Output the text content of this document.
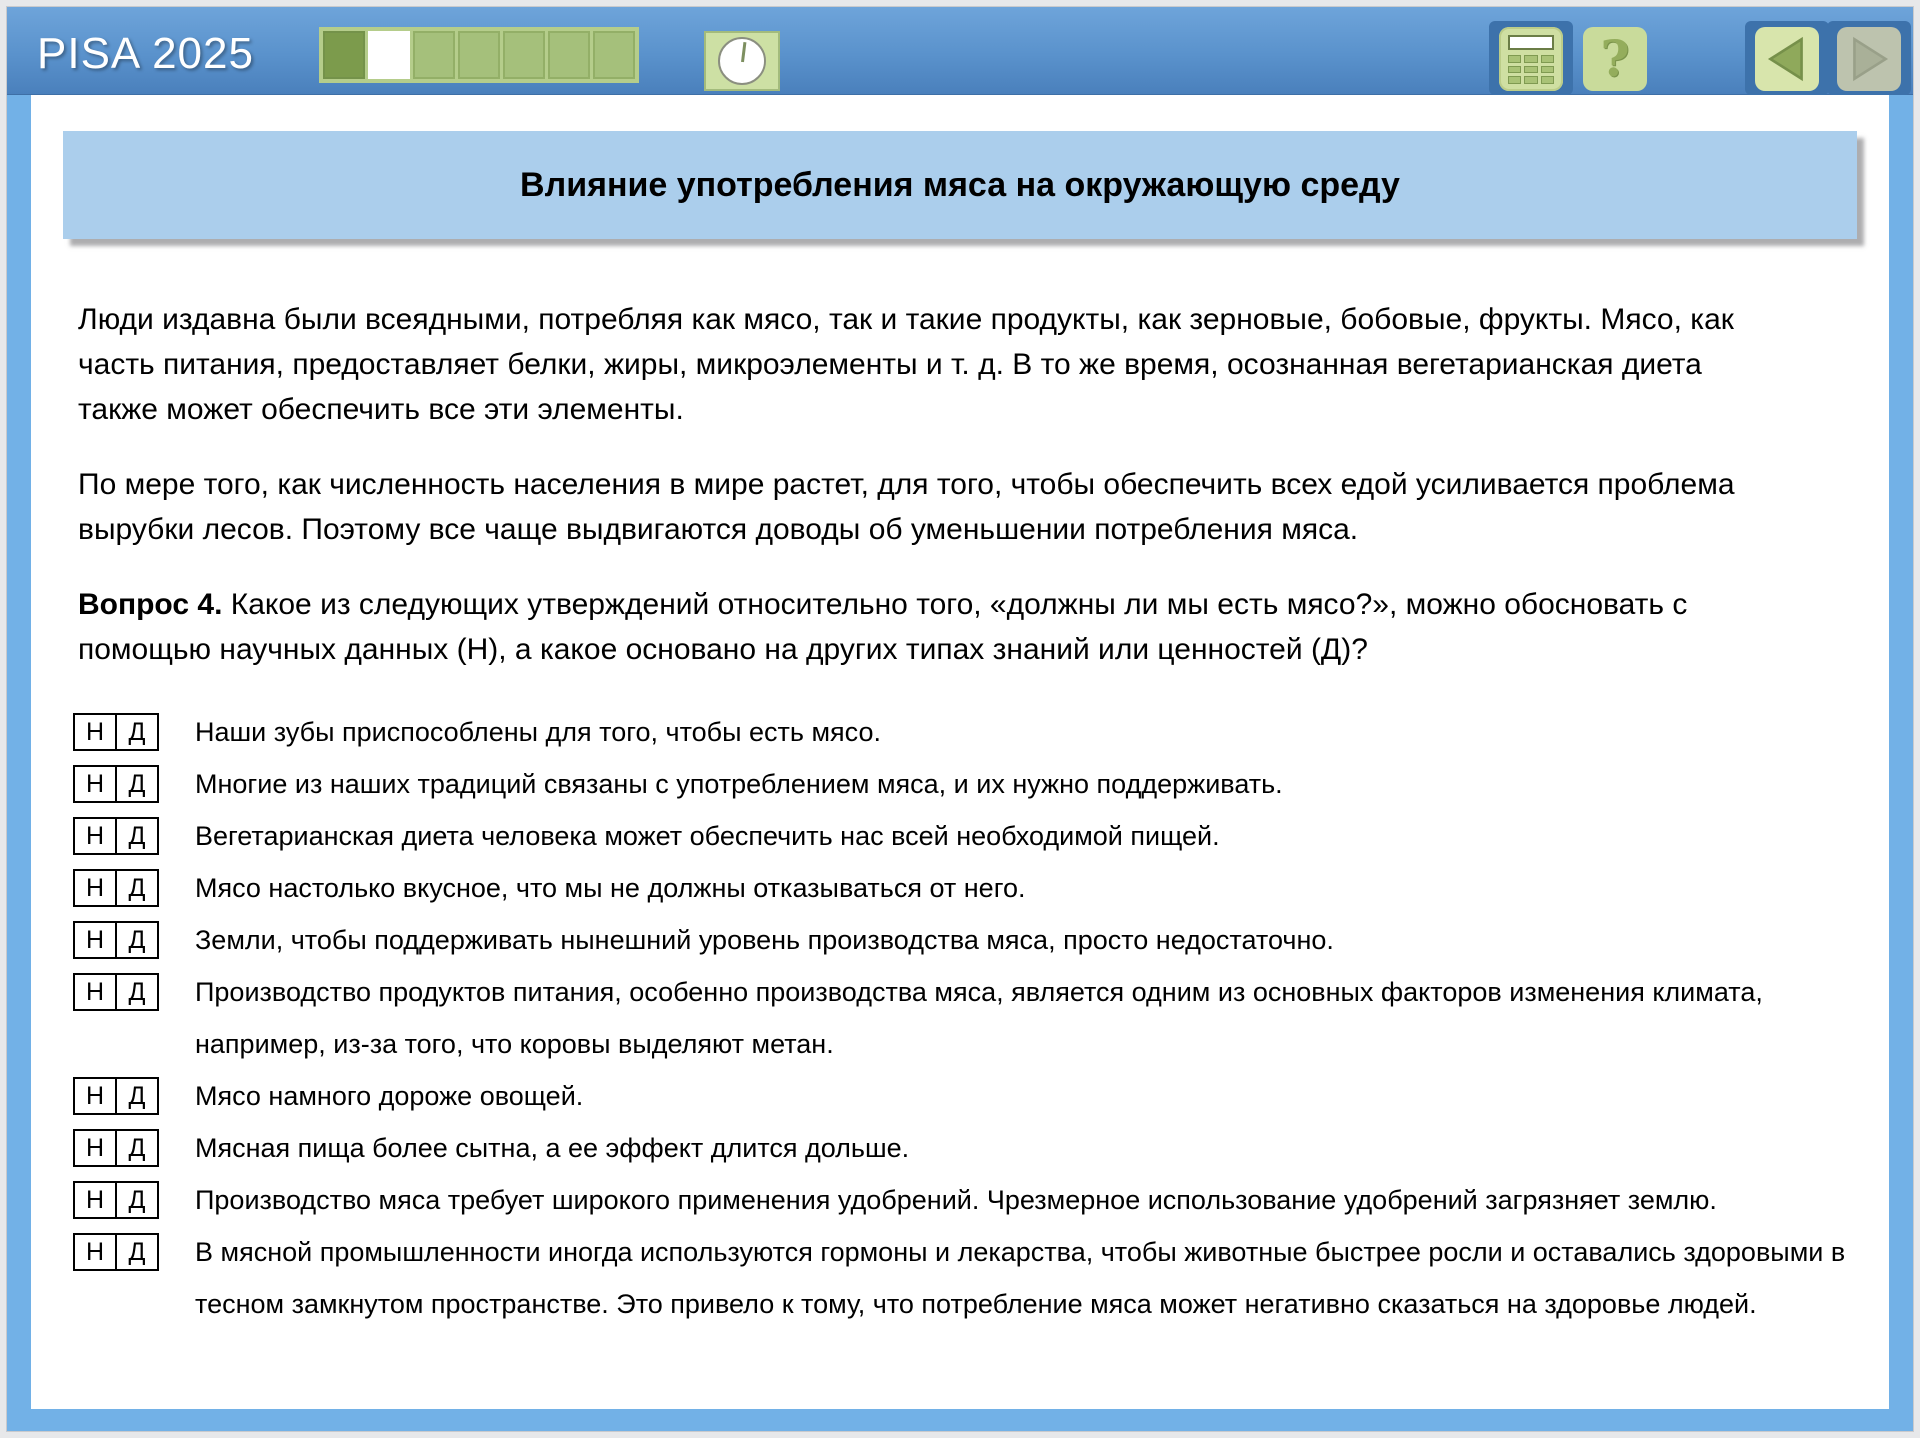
PISA 2025	?
Влияние употребления мяса на окружающую среду

Люди издавна были всеядными, потребляя как мясо, так и такие продукты, как зерновые, бобовые, фрукты. Мясо, как часть питания, предоставляет белки, жиры, микроэлементы и т. д. В то же время, осознанная вегетарианская диета также может обеспечить все эти элементы.

По мере того, как численность населения в мире растет, для того, чтобы обеспечить всех едой усиливается проблема вырубки лесов. Поэтому все чаще выдвигаются доводы об уменьшении потребления мяса.

Вопрос 4. Какое из следующих утверждений относительно того, «должны ли мы есть мясо?», можно обосновать с помощью научных данных (Н), а какое основано на других типах знаний или ценностей (Д)?

Н Д	Наши зубы приспособлены для того, чтобы есть мясо.
Н Д	Многие из наших традиций связаны с употреблением мяса, и их нужно поддерживать.
Н Д	Вегетарианская диета человека может обеспечить нас всей необходимой пищей.
Н Д	Мясо настолько вкусное, что мы не должны отказываться от него.
Н Д	Земли, чтобы поддерживать нынешний уровень производства мяса, просто недостаточно.
Н Д	Производство продуктов питания, особенно производства мяса, является одним из основных факторов изменения климата, например, из-за того, что коровы выделяют метан.
Н Д	Мясо намного дороже овощей.
Н Д	Мясная пища более сытна, а ее эффект длится дольше.
Н Д	Производство мяса требует широкого применения удобрений. Чрезмерное использование удобрений загрязняет землю.
Н Д	В мясной промышленности иногда используются гормоны и лекарства, чтобы животные быстрее росли и оставались здоровыми в тесном замкнутом пространстве. Это привело к тому, что потребление мяса может негативно сказаться на здоровье людей.
